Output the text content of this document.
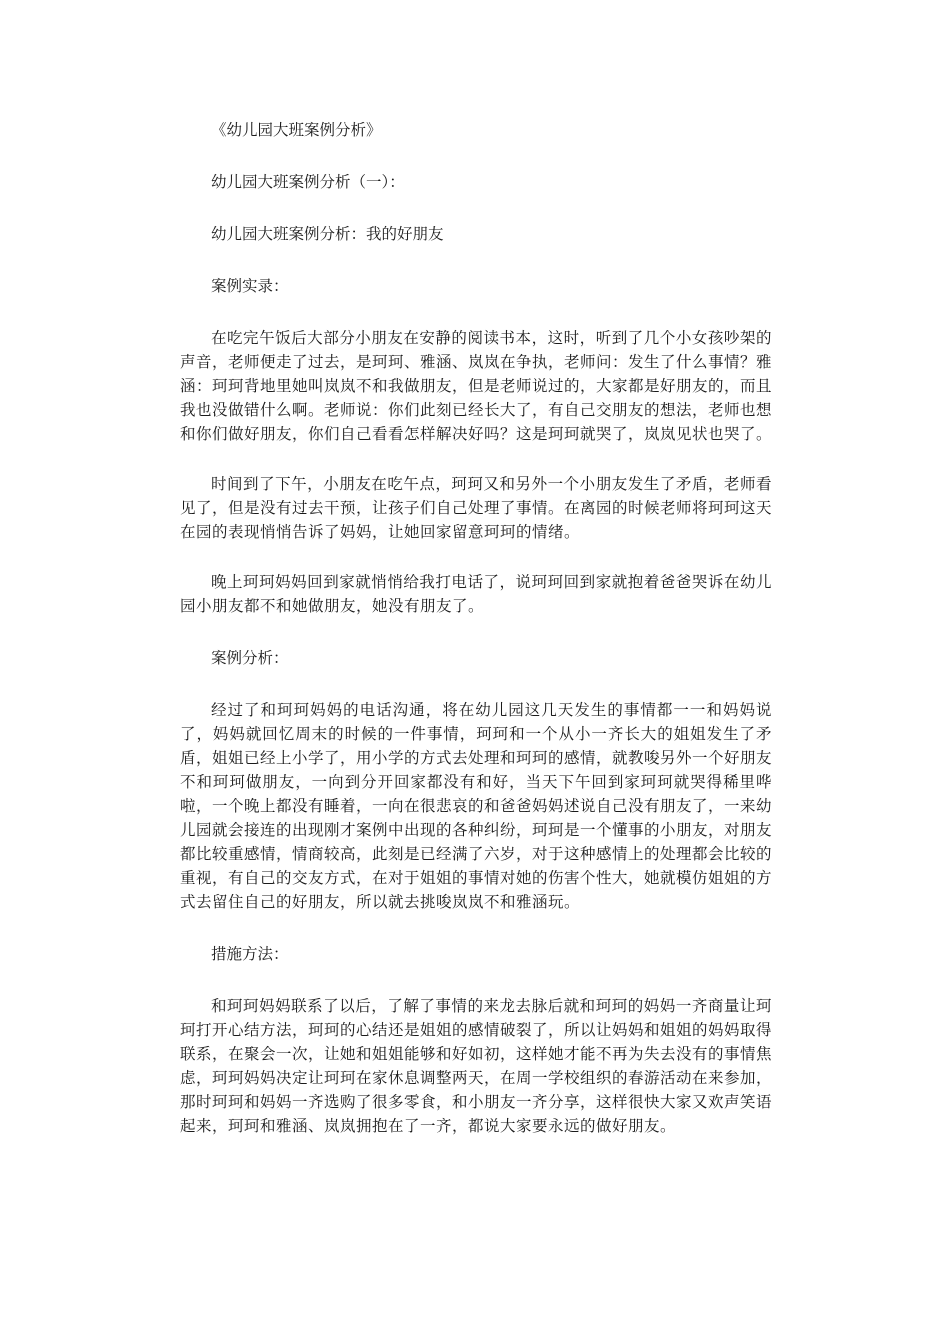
《幼儿园大班案例分析》

幼儿园大班案例分析（一）：

幼儿园大班案例分析：我的好朋友

案例实录：

在吃完午饭后大部分小朋友在安静的阅读书本，这时，听到了几个小女孩吵架的声音，老师便走了过去，是珂珂、雅涵、岚岚在争执，老师问：发生了什么事情？雅涵：珂珂背地里她叫岚岚不和我做朋友，但是老师说过的，大家都是好朋友的，而且我也没做错什么啊。老师说：你们此刻已经长大了，有自己交朋友的想法，老师也想和你们做好朋友，你们自己看看怎样解决好吗？这是珂珂就哭了，岚岚见状也哭了。

时间到了下午，小朋友在吃午点，珂珂又和另外一个小朋友发生了矛盾，老师看见了，但是没有过去干预，让孩子们自己处理了事情。在离园的时候老师将珂珂这天在园的表现悄悄告诉了妈妈，让她回家留意珂珂的情绪。

晚上珂珂妈妈回到家就悄悄给我打电话了，说珂珂回到家就抱着爸爸哭诉在幼儿园小朋友都不和她做朋友，她没有朋友了。

案例分析：

经过了和珂珂妈妈的电话沟通，将在幼儿园这几天发生的事情都一一和妈妈说了，妈妈就回忆周末的时候的一件事情，珂珂和一个从小一齐长大的姐姐发生了矛盾，姐姐已经上小学了，用小学的方式去处理和珂珂的感情，就教唆另外一个好朋友不和珂珂做朋友，一向到分开回家都没有和好，当天下午回到家珂珂就哭得稀里哗啦，一个晚上都没有睡着，一向在很悲哀的和爸爸妈妈述说自己没有朋友了，一来幼儿园就会接连的出现刚才案例中出现的各种纠纷，珂珂是一个懂事的小朋友，对朋友都比较重感情，情商较高，此刻是已经满了六岁，对于这种感情上的处理都会比较的重视，有自己的交友方式，在对于姐姐的事情对她的伤害个性大，她就模仿姐姐的方式去留住自己的好朋友，所以就去挑唆岚岚不和雅涵玩。

措施方法：

和珂珂妈妈联系了以后，了解了事情的来龙去脉后就和珂珂的妈妈一齐商量让珂珂打开心结方法，珂珂的心结还是姐姐的感情破裂了，所以让妈妈和姐姐的妈妈取得联系，在聚会一次，让她和姐姐能够和好如初，这样她才能不再为失去没有的事情焦虑，珂珂妈妈决定让珂珂在家休息调整两天，在周一学校组织的春游活动在来参加，那时珂珂和妈妈一齐选购了很多零食，和小朋友一齐分享，这样很快大家又欢声笑语起来，珂珂和雅涵、岚岚拥抱在了一齐，都说大家要永远的做好朋友。
